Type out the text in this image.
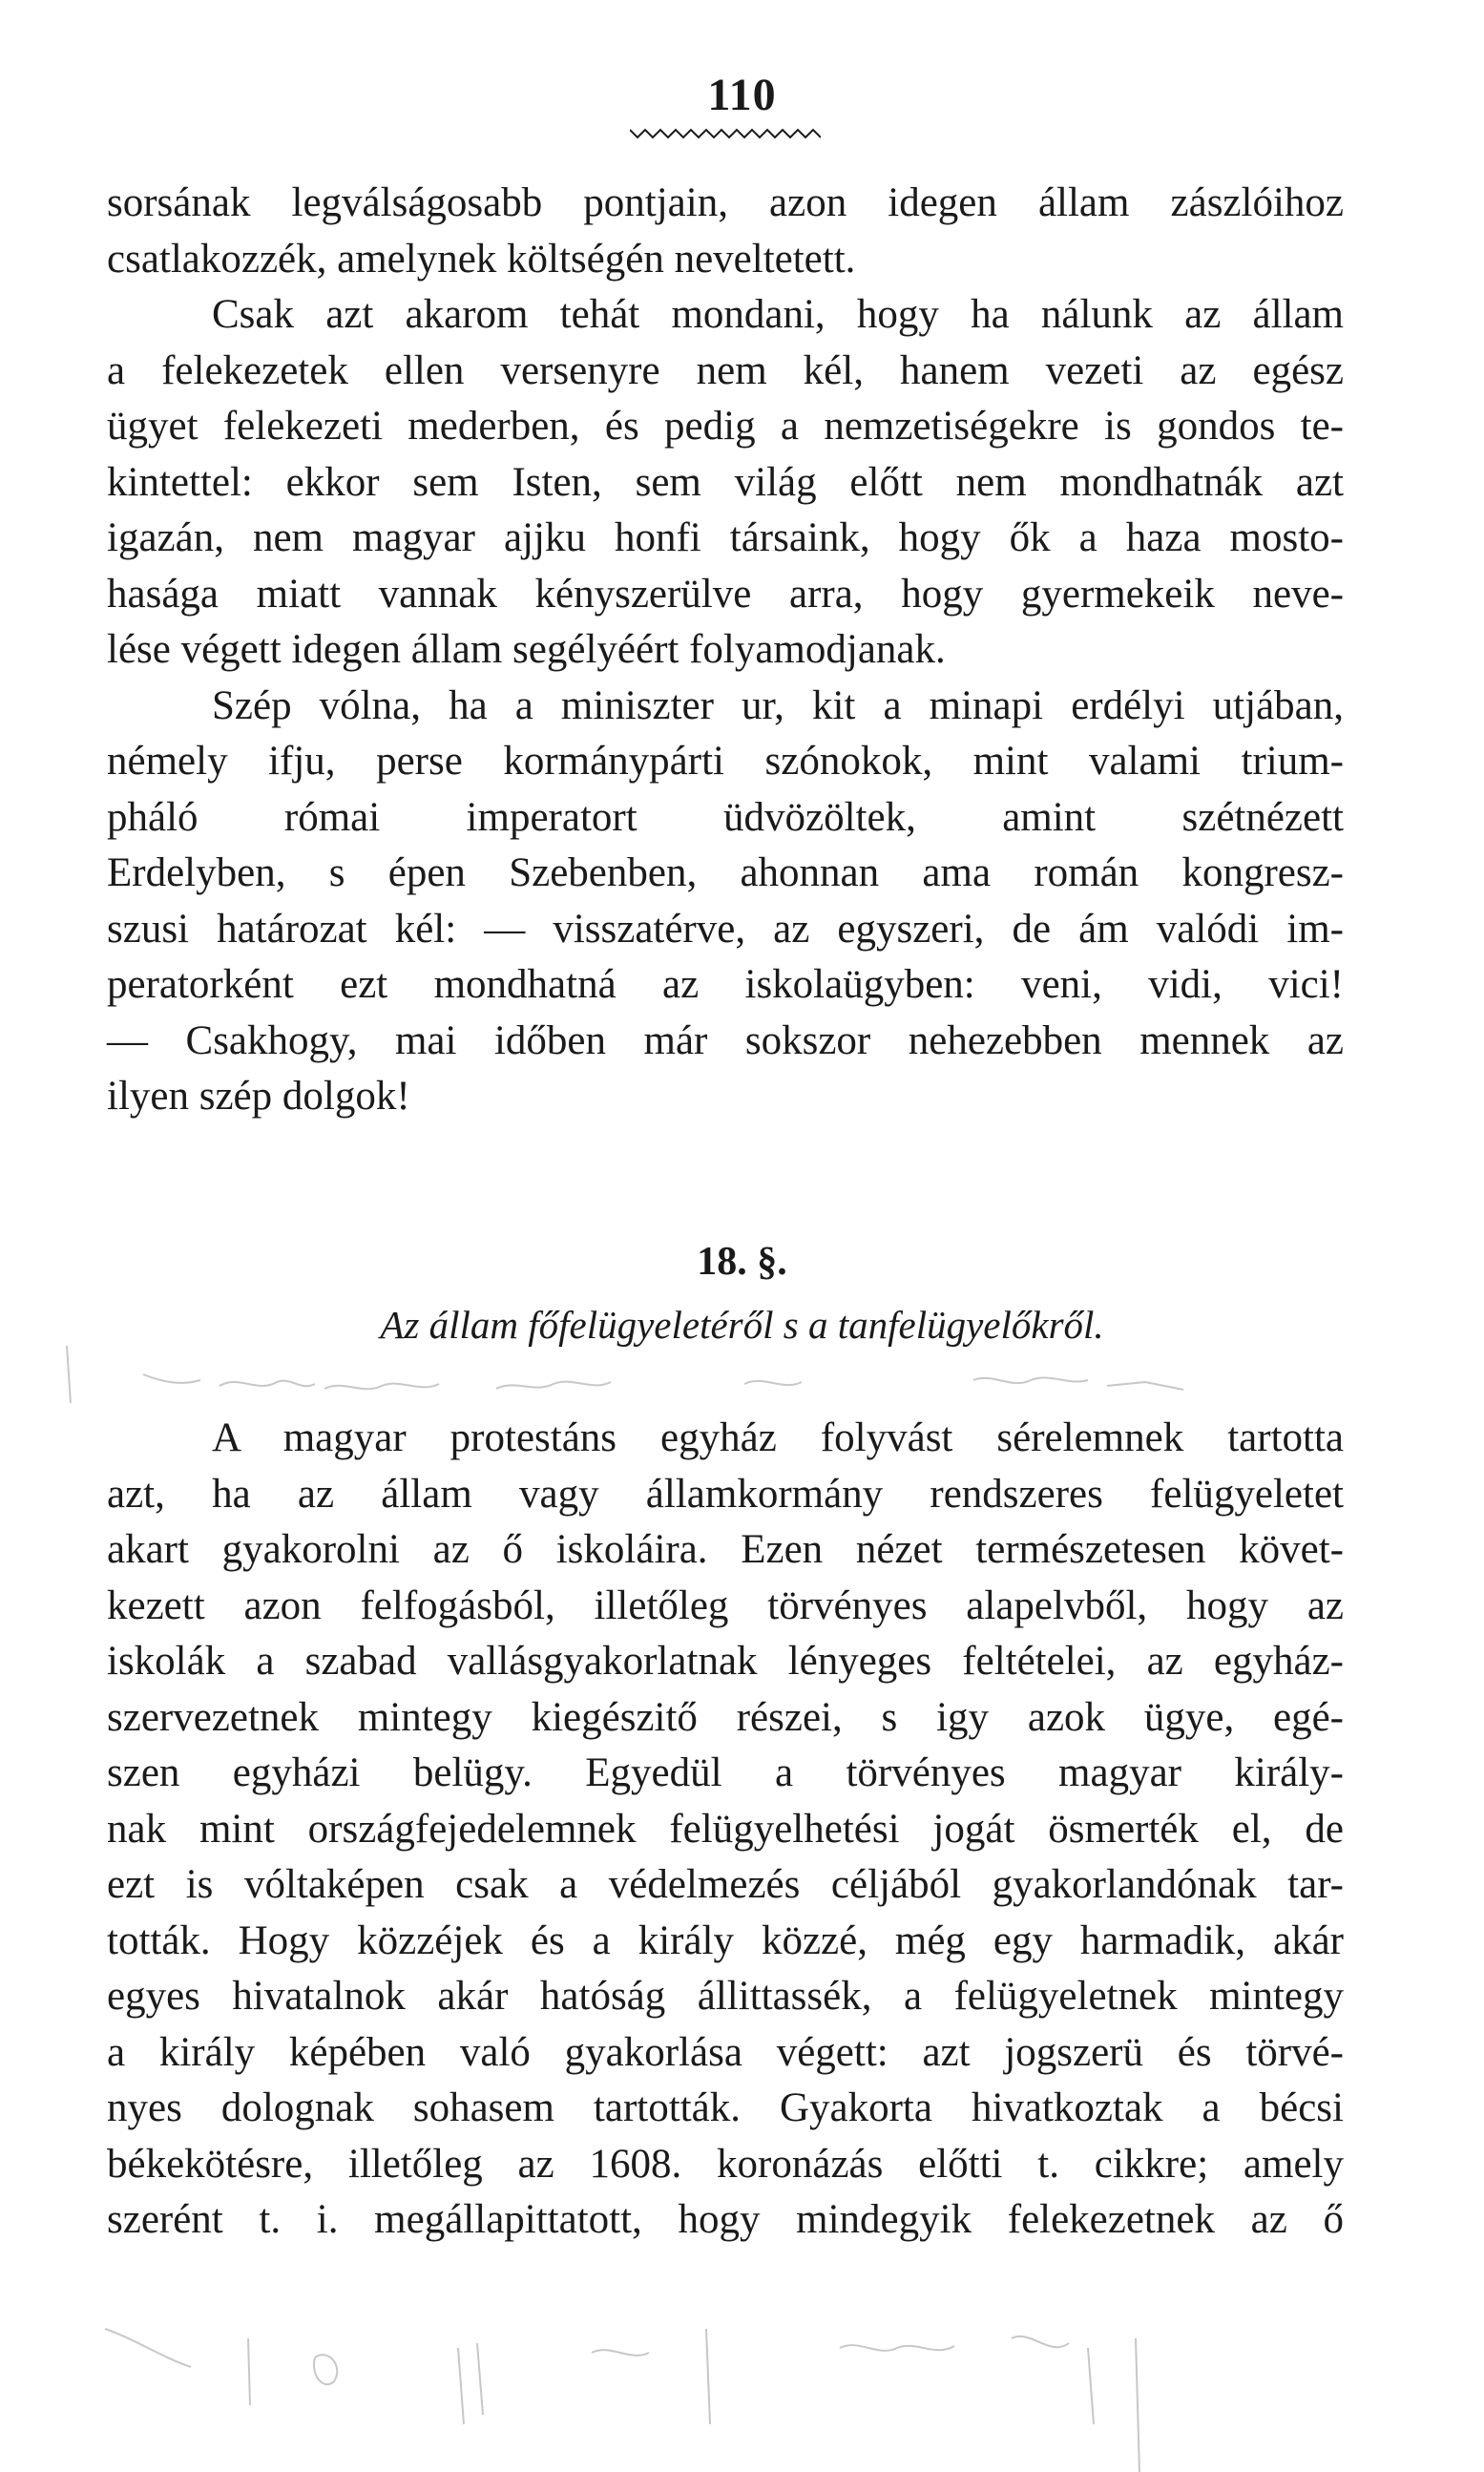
110
sorsának legválságosabb pontjain, azon idegen állam zászlóihoz
csatlakozzék, amelynek költségén neveltetett.
Csak azt akarom tehát mondani, hogy ha nálunk az állam
a felekezetek ellen versenyre nem kél, hanem vezeti az egész
ügyet felekezeti mederben, és pedig a nemzetiségekre is gondos te-
kintettel: ekkor sem Isten, sem világ előtt nem mondhatnák azt
igazán, nem magyar ajjku honfi társaink, hogy ők a haza mosto-
hasága miatt vannak kényszerülve arra, hogy gyermekeik neve-
lése végett idegen állam segélyéért folyamodjanak.
Szép vólna, ha a miniszter ur, kit a minapi erdélyi utjában,
némely ifju, perse kormánypárti szónokok, mint valami trium-
pháló római imperatort üdvözöltek, amint szétnézett
Erdelyben, s épen Szebenben, ahonnan ama román kongresz-
szusi határozat kél: — visszatérve, az egyszeri, de ám valódi im-
peratorként ezt mondhatná az iskolaügyben: veni, vidi, vici!
— Csakhogy, mai időben már sokszor nehezebben mennek az
ilyen szép dolgok!
18. §.
Az állam főfelügyeletéről s a tanfelügyelőkről.
A magyar protestáns egyház folyvást sérelemnek tartotta
azt, ha az állam vagy államkormány rendszeres felügyeletet
akart gyakorolni az ő iskoláira. Ezen nézet természetesen követ-
kezett azon felfogásból, illetőleg törvényes alapelvből, hogy az
iskolák a szabad vallásgyakorlatnak lényeges feltételei, az egyház-
szervezetnek mintegy kiegészitő részei, s igy azok ügye, egé-
szen egyházi belügy. Egyedül a törvényes magyar király-
nak mint országfejedelemnek felügyelhetési jogát ösmerték el, de
ezt is vóltaképen csak a védelmezés céljából gyakorlandónak tar-
tották. Hogy közzéjek és a király közzé, még egy harmadik, akár
egyes hivatalnok akár hatóság állittassék, a felügyeletnek mintegy
a király képében való gyakorlása végett: azt jogszerü és törvé-
nyes dolognak sohasem tartották. Gyakorta hivatkoztak a bécsi
békekötésre, illetőleg az 1608. koronázás előtti t. cikkre; amely
szerént t. i. megállapittatott, hogy mindegyik felekezetnek az ő
